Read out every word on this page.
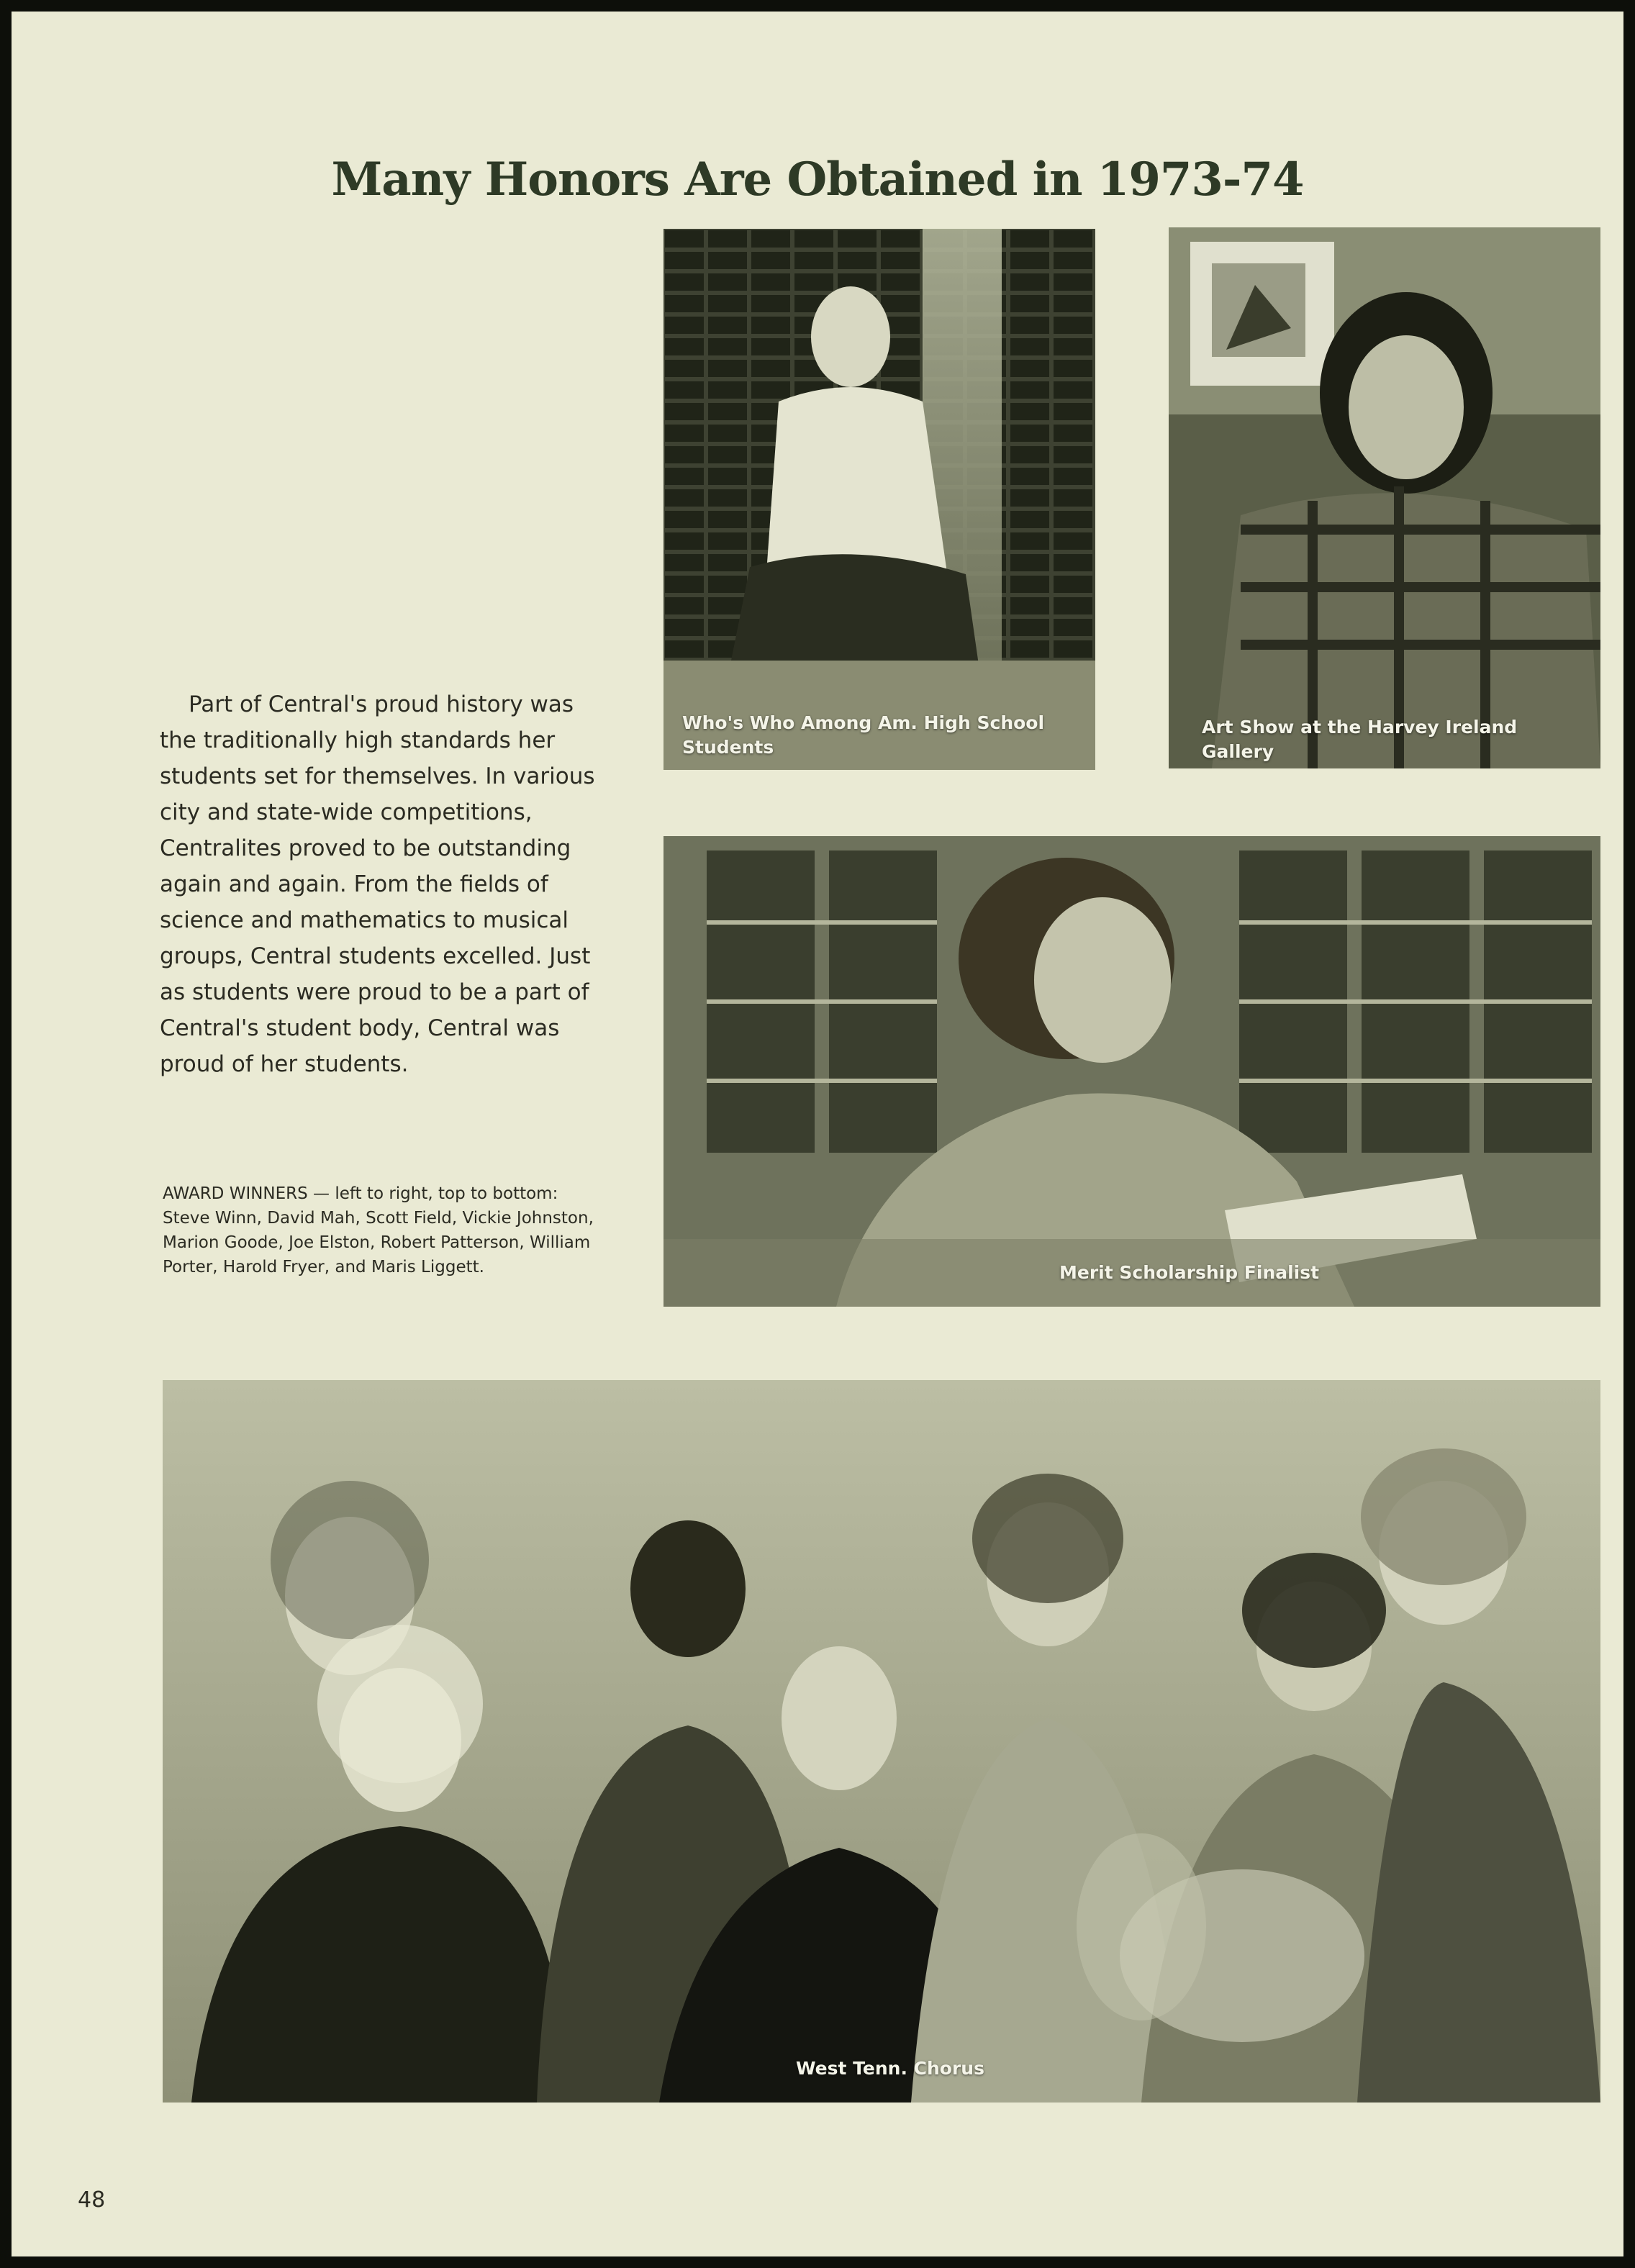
Many Honors Are Obtained in 1973-74
Who's Who Among Am. High School
Students
Art Show at the Harvey Ireland Gallery
Merit Scholarship Finalist

Part of Central's proud history was the traditionally high standards her students set for themselves. In various city and state-wide competitions, Centralites proved to be outstanding again and again. From the fields of science and mathematics to musical groups, Central students excelled. Just as students were proud to be a part of Central's student body, Central was proud of her students.

AWARD WINNERS — left to right, top to bottom: Steve Winn, David Mah, Scott Field, Vickie Johnston, Marion Goode, Joe Elston, Robert Patterson, William Porter, Harold Fryer, and Maris Liggett.

West Tenn. Chorus
48
